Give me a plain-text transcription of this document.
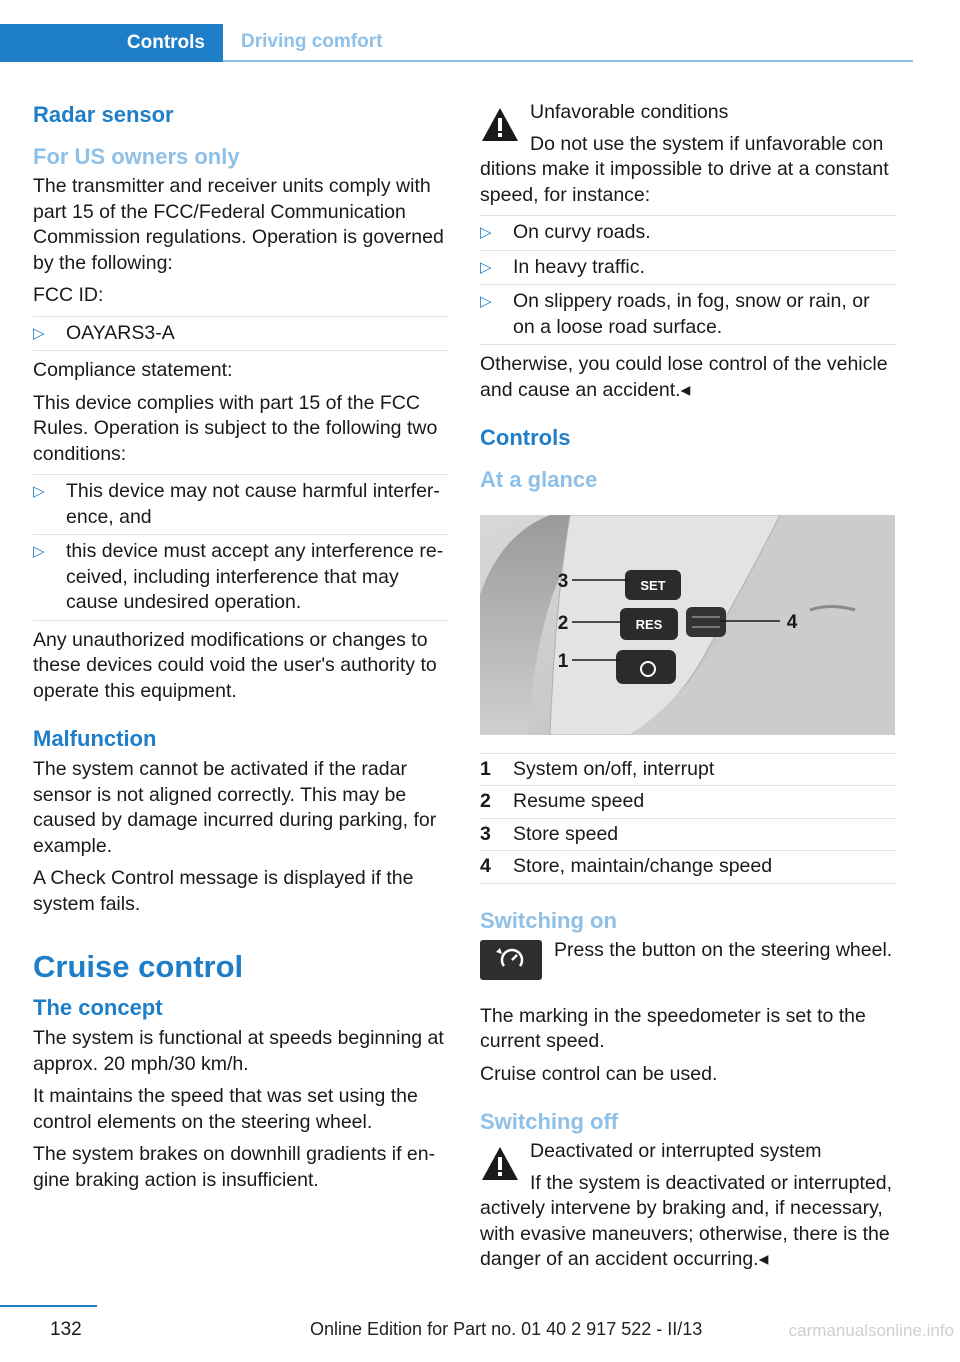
Controls	Driving comfort
Radar sensor
For US owners only

The transmitter and receiver units comply with part 15 of the FCC/Federal Communication Commission regulations. Operation is governed by the following:

FCC ID:

▷ OAYARS3-A

Compliance statement:

This device complies with part 15 of the FCC Rules. Operation is subject to the following two conditions:

▷ This device may not cause harmful interference, and
▷ this device must accept any interference received, including interference that may cause undesired operation.

Any unauthorized modifications or changes to these devices could void the user's authority to operate this equipment.

Malfunction

The system cannot be activated if the radar sensor is not aligned correctly. This may be caused by damage incurred during parking, for example.

A Check Control message is displayed if the system fails.

Cruise control
The concept

The system is functional at speeds beginning at approx. 20 mph/30 km/h.

It maintains the speed that was set using the control elements on the steering wheel.

The system brakes on downhill gradients if engine braking action is insufficient.

Unfavorable conditions
Do not use the system if unfavorable con
ditions make it impossible to drive at a constant speed, for instance:
▷ On curvy roads.
▷ In heavy traffic.
▷ On slippery roads, in fog, snow or rain, or on a loose road surface.

Otherwise, you could lose control of the vehicle and cause an accident.◂

Controls
At a glance
SET
RES
3
2
1
4
1 System on/off, interrupt
2 Resume speed
3 Store speed
4 Store, maintain/change speed
Switching on
Press the button on the steering wheel.

The marking in the speedometer is set to the current speed.

Cruise control can be used.

Switching off
Deactivated or interrupted system
If the system is deactivated or interrupted,
actively intervene by braking and, if necessary, with evasive maneuvers; otherwise, there is the danger of an accident occurring.◂
132	Online Edition for Part no. 01 40 2 917 522 - II/13	carmanualsonline.info
